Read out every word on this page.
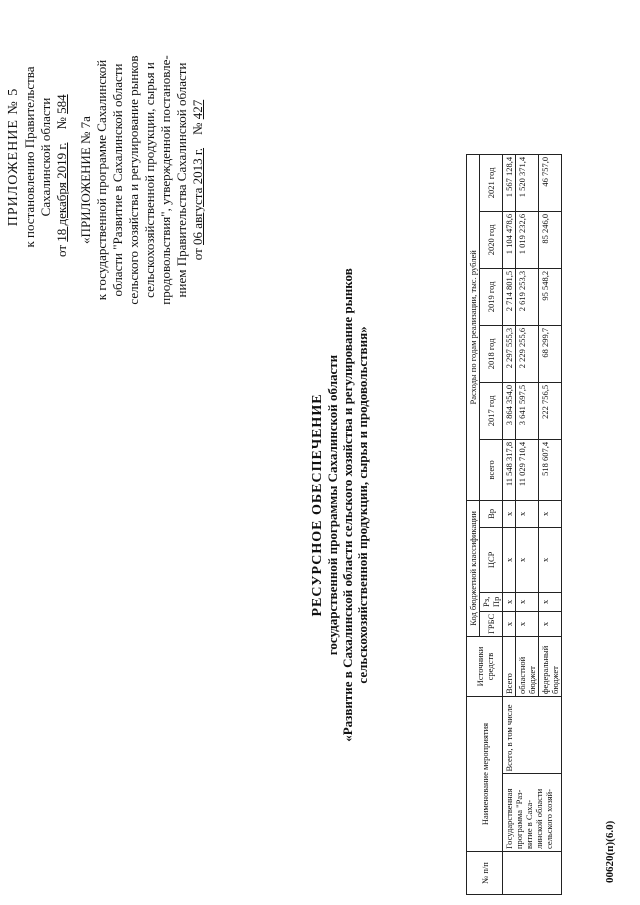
ПРИЛОЖЕНИЕ № 5 к постановлению Правительства Сахалинской области
от 18 декабря 2019 г.    № 584
«ПРИЛОЖЕНИЕ № 7а к государственной программе Сахалинской области "Развитие в Сахалинской области сельского хозяйства и регулирование рынков сельскохозяйственной продукции, сырья и продовольствия", утвержденной постановле- нием Правительства Сахалинской области от 06 августа 2013 г.    № 427
РЕСУРСНОЕ ОБЕСПЕЧЕНИЕ государственной программы Сахалинской области «Развитие в Сахалинской области сельского хозяйства и регулирование рынков сельскохозяйственной продукции, сырья и продовольствия»
№ п/п	Наименование мероприятия		Источники средств	Код бюджетной классификации				Расходы по годам реализации, тыс. рублей					
				ГРБС	Рз, Пр	ЦСР	Вр	всего	2017 год	2018 год	2019 год	2020 год	2021 год
	Государственная программа "Раз-витие в Саха-линской области сельского хозяй-	Всего, в том числе	Всего	x	x	x	x	11 548 317,8	3 864 354,0	2 297 555,3	2 714 801,5	1 104 478,6	1 567 128,4
			областной бюджет	x	x	x	x	11 029 710,4	3 641 597,5	2 229 255,6	2 619 253,3	1 019 232,6	1 520 371,4
			федеральный бюджет	x	x	x	x	518 607,4	222 756,5	68 299,7	95 548,2	85 246,0	46 757,0
00620(п)(6.0)
